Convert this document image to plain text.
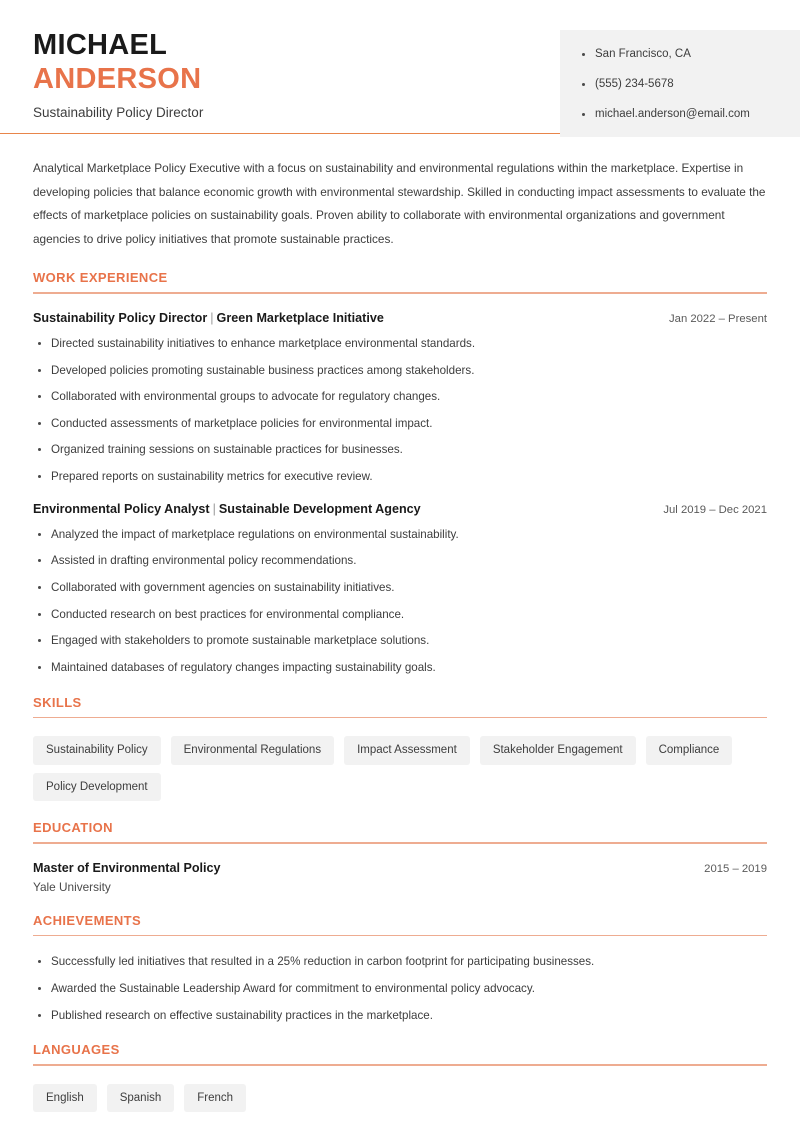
MICHAEL
ANDERSON
Sustainability Policy Director
San Francisco, CA
(555) 234-5678
michael.anderson@email.com

Analytical Marketplace Policy Executive with a focus on sustainability and environmental regulations within the marketplace. Expertise in developing policies that balance economic growth with environmental stewardship. Skilled in conducting impact assessments to evaluate the effects of marketplace policies on sustainability goals. Proven ability to collaborate with environmental organizations and government agencies to drive policy initiatives that promote sustainable practices.

WORK EXPERIENCE
Sustainability Policy Director | Green Marketplace Initiative	Jan 2022 – Present
Directed sustainability initiatives to enhance marketplace environmental standards.
Developed policies promoting sustainable business practices among stakeholders.
Collaborated with environmental groups to advocate for regulatory changes.
Conducted assessments of marketplace policies for environmental impact.
Organized training sessions on sustainable practices for businesses.
Prepared reports on sustainability metrics for executive review.
Environmental Policy Analyst | Sustainable Development Agency	Jul 2019 – Dec 2021
Analyzed the impact of marketplace regulations on environmental sustainability.
Assisted in drafting environmental policy recommendations.
Collaborated with government agencies on sustainability initiatives.
Conducted research on best practices for environmental compliance.
Engaged with stakeholders to promote sustainable marketplace solutions.
Maintained databases of regulatory changes impacting sustainability goals.
SKILLS
Sustainability Policy	Environmental Regulations	Impact Assessment	Stakeholder Engagement	Compliance
Policy Development
EDUCATION
Master of Environmental Policy	2015 – 2019
Yale University
ACHIEVEMENTS
Successfully led initiatives that resulted in a 25% reduction in carbon footprint for participating businesses.
Awarded the Sustainable Leadership Award for commitment to environmental policy advocacy.
Published research on effective sustainability practices in the marketplace.
LANGUAGES
English	Spanish	French
